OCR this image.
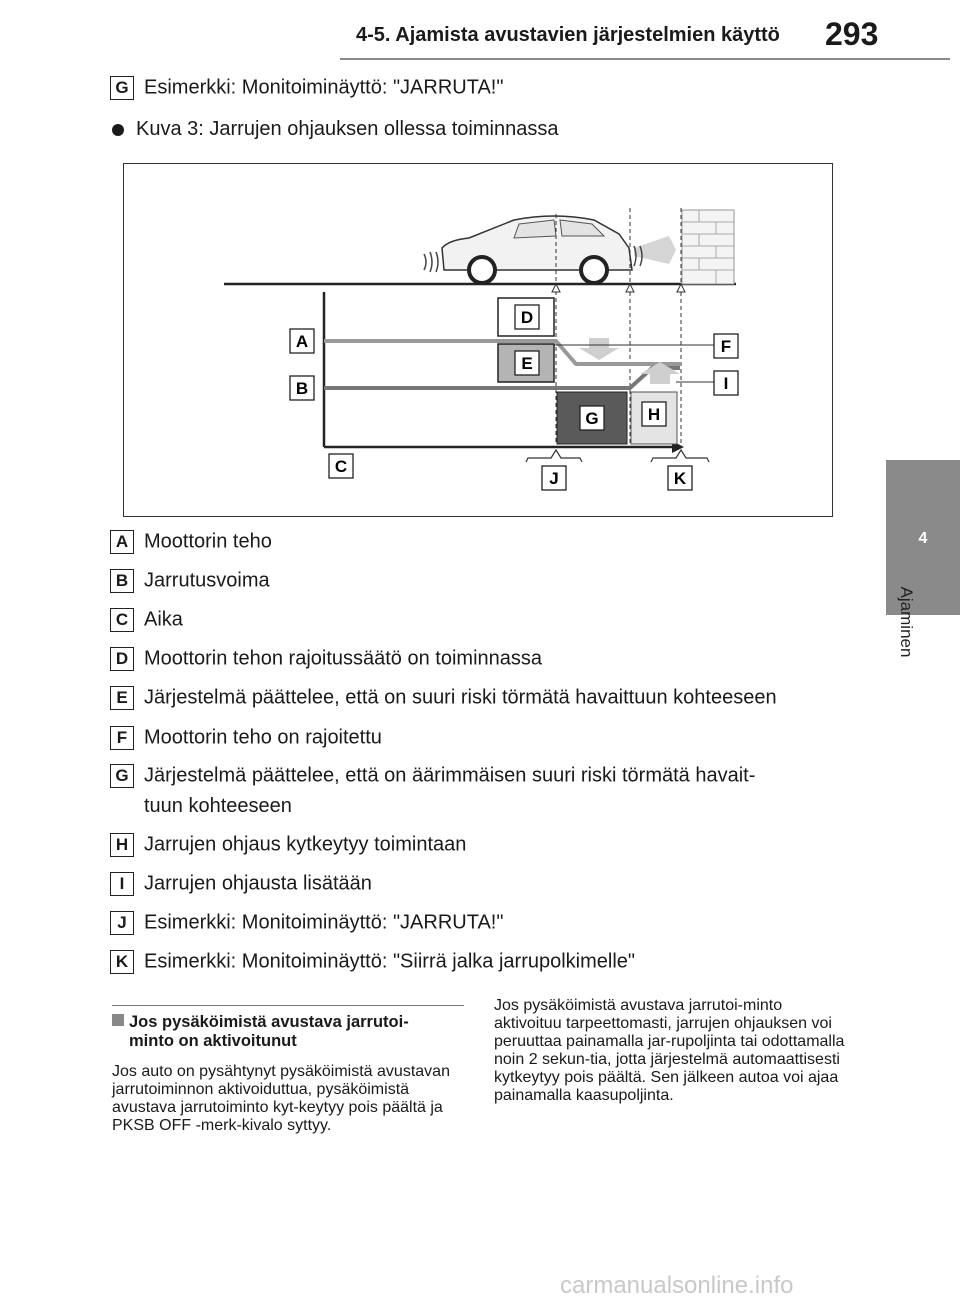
4-5. Ajamista avustavien järjestelmien käyttö 293
4
Ajaminen
G Esimerkki: Monitoiminäyttö: "JARRUTA!"
Kuva 3: Jarrujen ohjauksen ollessa toiminnassa
A
B
C
D
E
F
G	H
I
J	K
A Moottorin teho
B Jarrutusvoima
C Aika
D Moottorin tehon rajoitussäätö on toiminnassa
E Järjestelmä päättelee, että on suuri riski törmätä havaittuun kohteeseen
F Moottorin teho on rajoitettu
G Järjestelmä päättelee, että on äärimmäisen suuri riski törmätä havait-
tuun kohteeseen
H Jarrujen ohjaus kytkeytyy toimintaan
I Jarrujen ohjausta lisätään
J Esimerkki: Monitoiminäyttö: "JARRUTA!"
K Esimerkki: Monitoiminäyttö: "Siirrä jalka jarrupolkimelle"
Jos pysäköimistä avustava jarrutoi-
minto on aktivoitunut
Jos auto on pysähtynyt pysäköimistä avustavan jarrutoiminnon aktivoiduttua, pysäköimistä avustava jarrutoiminto kyt-keytyy pois päältä ja PKSB OFF -merk-kivalo syttyy.
Jos pysäköimistä avustava jarrutoi-minto aktivoituu tarpeettomasti, jarrujen ohjauksen voi peruuttaa painamalla jar-rupoljinta tai odottamalla noin 2 sekun-tia, jotta järjestelmä automaattisesti kytkeytyy pois päältä. Sen jälkeen autoa voi ajaa painamalla kaasupoljinta.
carmanualsonline.info
